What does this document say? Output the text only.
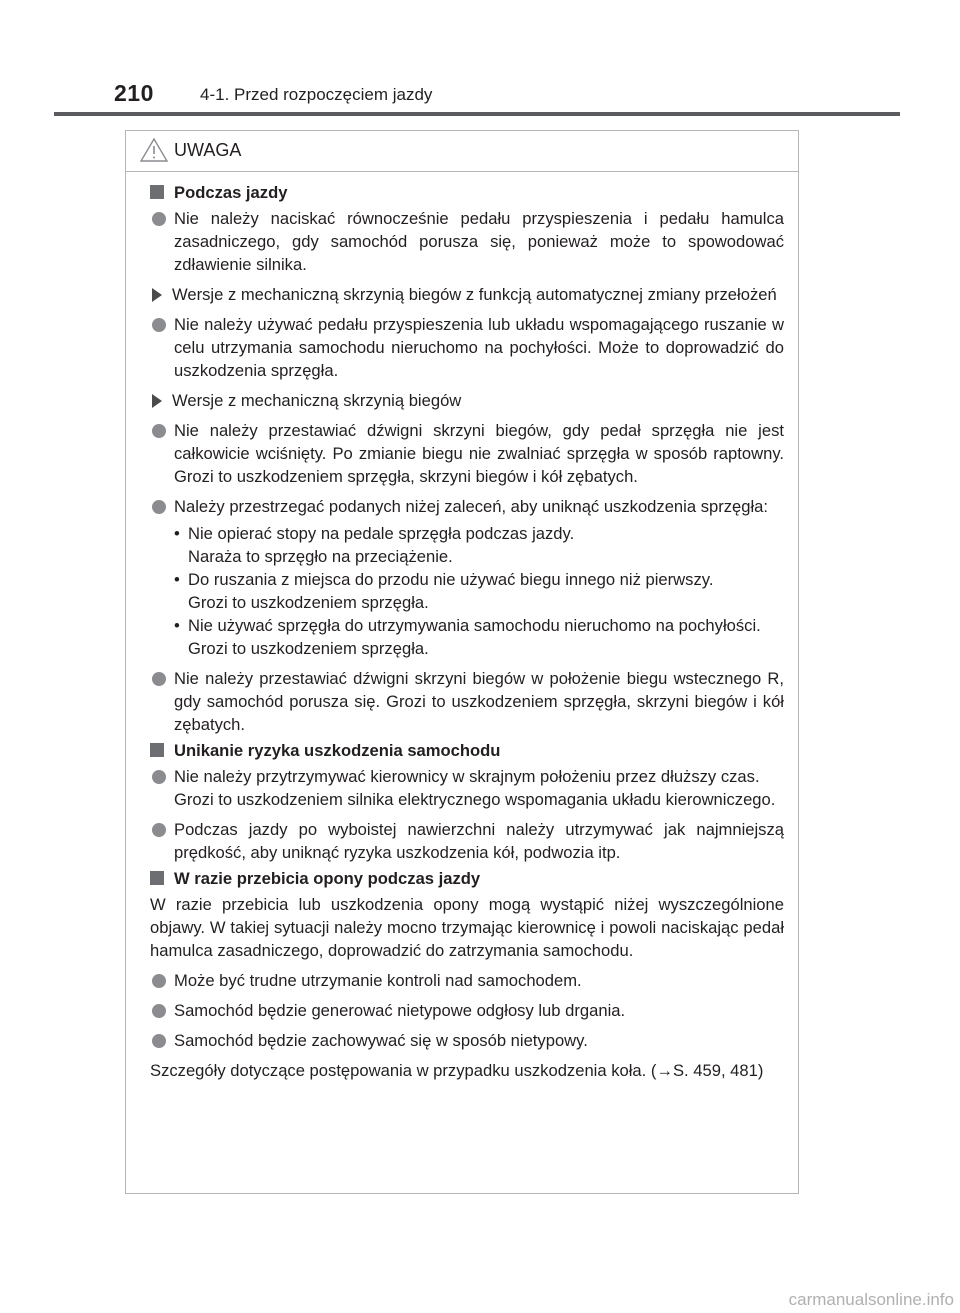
210	4-1. Przed rozpoczęciem jazdy
UWAGA
Podczas jazdy
Nie należy naciskać równocześnie pedału przyspieszenia i pedału hamulca zasadniczego, gdy samochód porusza się, ponieważ może to spowodować zdławienie silnika.
Wersje z mechaniczną skrzynią biegów z funkcją automatycznej zmiany przełożeń
Nie należy używać pedału przyspieszenia lub układu wspomagającego ruszanie w celu utrzymania samochodu nieruchomo na pochyłości. Może to doprowadzić do uszkodzenia sprzęgła.
Wersje z mechaniczną skrzynią biegów
Nie należy przestawiać dźwigni skrzyni biegów, gdy pedał sprzęgła nie jest całkowicie wciśnięty. Po zmianie biegu nie zwalniać sprzęgła w sposób raptowny. Grozi to uszkodzeniem sprzęgła, skrzyni biegów i kół zębatych.
Należy przestrzegać podanych niżej zaleceń, aby uniknąć uszkodzenia sprzęgła:
• Nie opierać stopy na pedale sprzęgła podczas jazdy.
Naraża to sprzęgło na przeciążenie.
• Do ruszania z miejsca do przodu nie używać biegu innego niż pierwszy.
Grozi to uszkodzeniem sprzęgła.
• Nie używać sprzęgła do utrzymywania samochodu nieruchomo na pochyłości.
Grozi to uszkodzeniem sprzęgła.
Nie należy przestawiać dźwigni skrzyni biegów w położenie biegu wstecznego R, gdy samochód porusza się. Grozi to uszkodzeniem sprzęgła, skrzyni biegów i kół zębatych.
Unikanie ryzyka uszkodzenia samochodu
Nie należy przytrzymywać kierownicy w skrajnym położeniu przez dłuższy czas.
Grozi to uszkodzeniem silnika elektrycznego wspomagania układu kierowniczego.
Podczas jazdy po wyboistej nawierzchni należy utrzymywać jak najmniejszą prędkość, aby uniknąć ryzyka uszkodzenia kół, podwozia itp.
W razie przebicia opony podczas jazdy
W razie przebicia lub uszkodzenia opony mogą wystąpić niżej wyszczególnione objawy. W takiej sytuacji należy mocno trzymając kierownicę i powoli naciskając pedał hamulca zasadniczego, doprowadzić do zatrzymania samochodu.
Może być trudne utrzymanie kontroli nad samochodem.
Samochód będzie generować nietypowe odgłosy lub drgania.
Samochód będzie zachowywać się w sposób nietypowy.
Szczegóły dotyczące postępowania w przypadku uszkodzenia koła. (→S. 459, 481)
carmanualsonline.info
